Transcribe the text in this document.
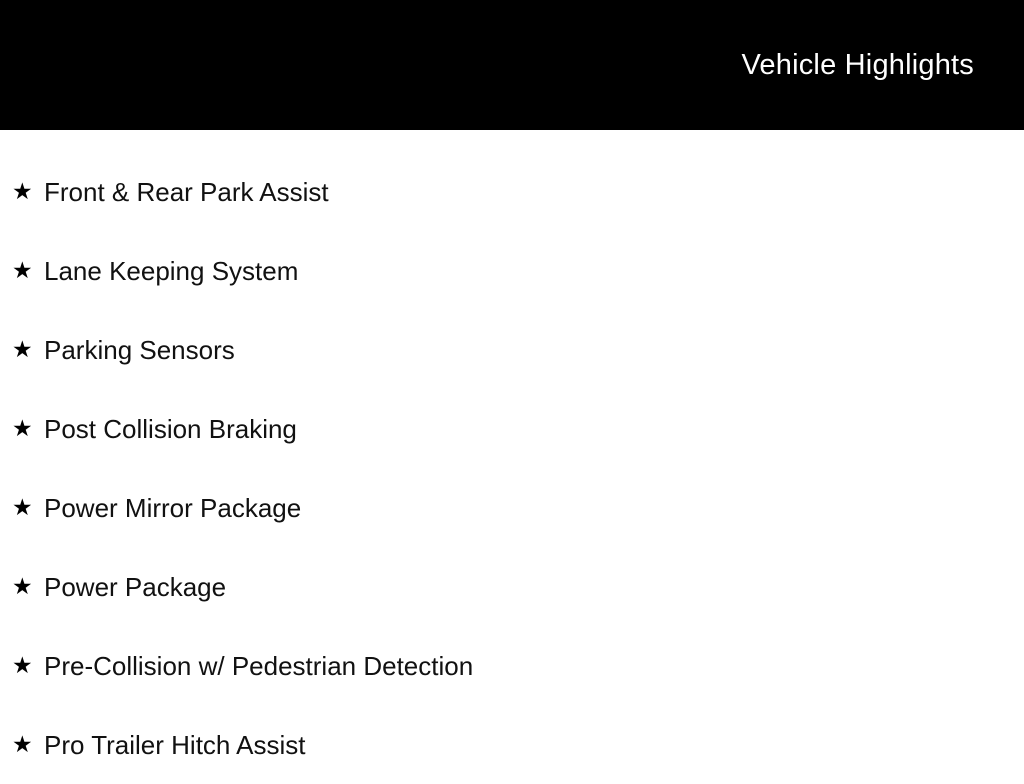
Vehicle Highlights
★ Front & Rear Park Assist
★ Lane Keeping System
★ Parking Sensors
★ Post Collision Braking
★ Power Mirror Package
★ Power Package
★ Pre-Collision w/ Pedestrian Detection
★ Pro Trailer Hitch Assist
